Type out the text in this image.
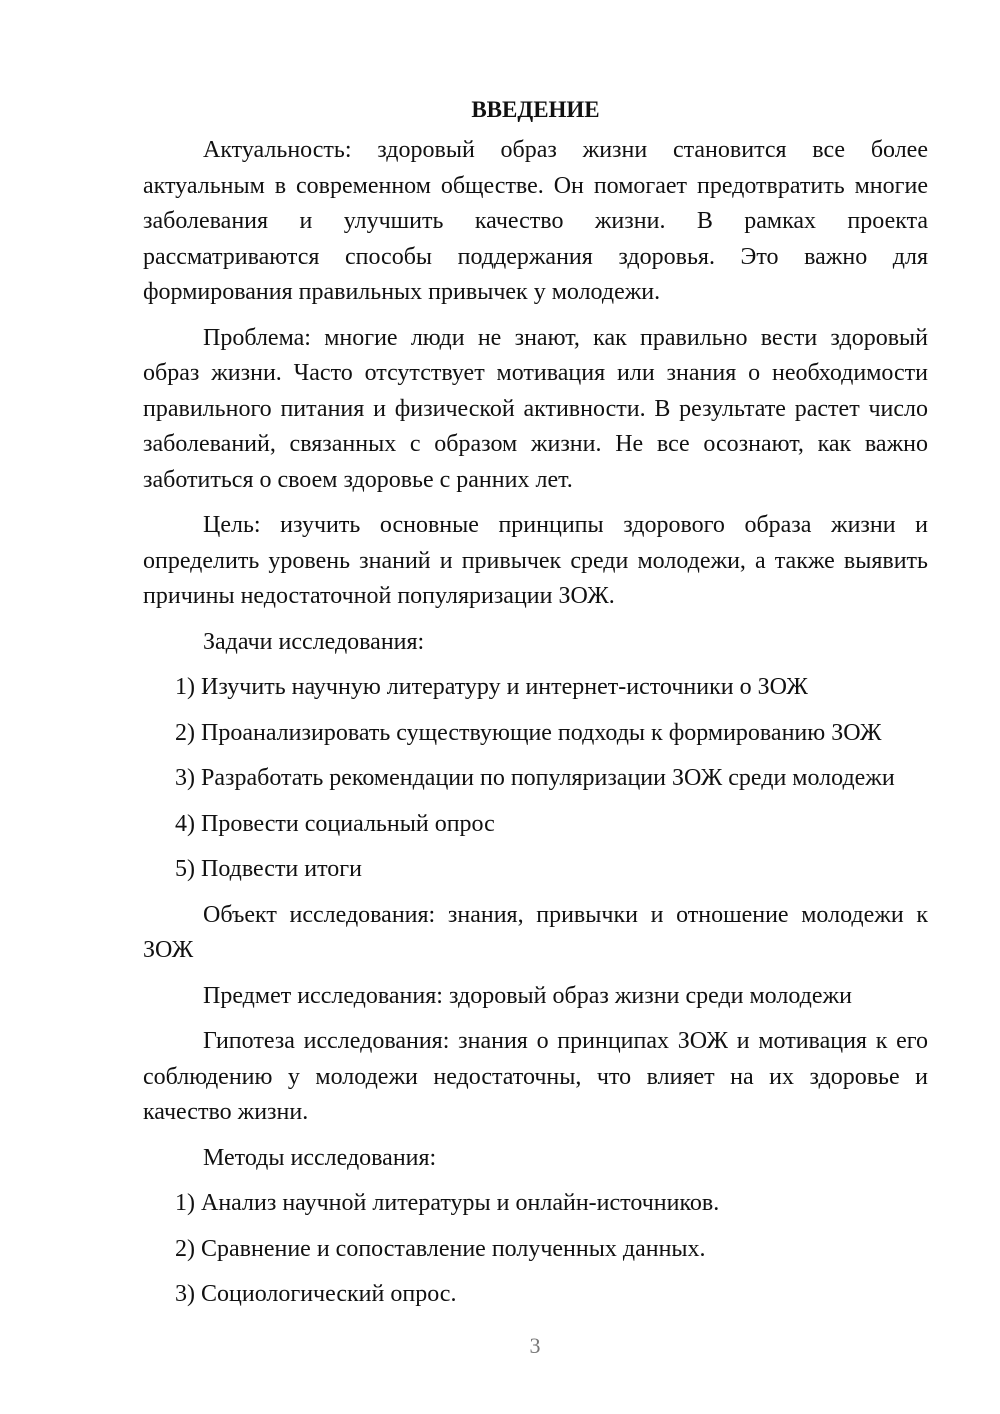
ВВЕДЕНИЕ

Актуальность: здоровый образ жизни становится все более актуальным в современном обществе. Он помогает предотвратить многие заболевания и улучшить качество жизни. В рамках проекта рассматриваются способы поддержания здоровья. Это важно для формирования правильных привычек у молодежи.

Проблема: многие люди не знают, как правильно вести здоровый образ жизни. Часто отсутствует мотивация или знания о необходимости правильного питания и физической активности. В результате растет число заболеваний, связанных с образом жизни. Не все осознают, как важно заботиться о своем здоровье с ранних лет.

Цель: изучить основные принципы здорового образа жизни и определить уровень знаний и привычек среди молодежи, а также выявить причины недостаточной популяризации ЗОЖ.

Задачи исследования:

1) Изучить научную литературу и интернет-источники о ЗОЖ
2) Проанализировать существующие подходы к формированию ЗОЖ
3) Разработать рекомендации по популяризации ЗОЖ среди молодежи
4) Провести социальный опрос
5) Подвести итоги

Объект исследования: знания, привычки и отношение молодежи к ЗОЖ

Предмет исследования: здоровый образ жизни среди молодежи

Гипотеза исследования: знания о принципах ЗОЖ и мотивация к его соблюдению у молодежи недостаточны, что влияет на их здоровье и качество жизни.

Методы исследования:

1) Анализ научной литературы и онлайн-источников.
2) Сравнение и сопоставление полученных данных.
3) Социологический опрос.
3
